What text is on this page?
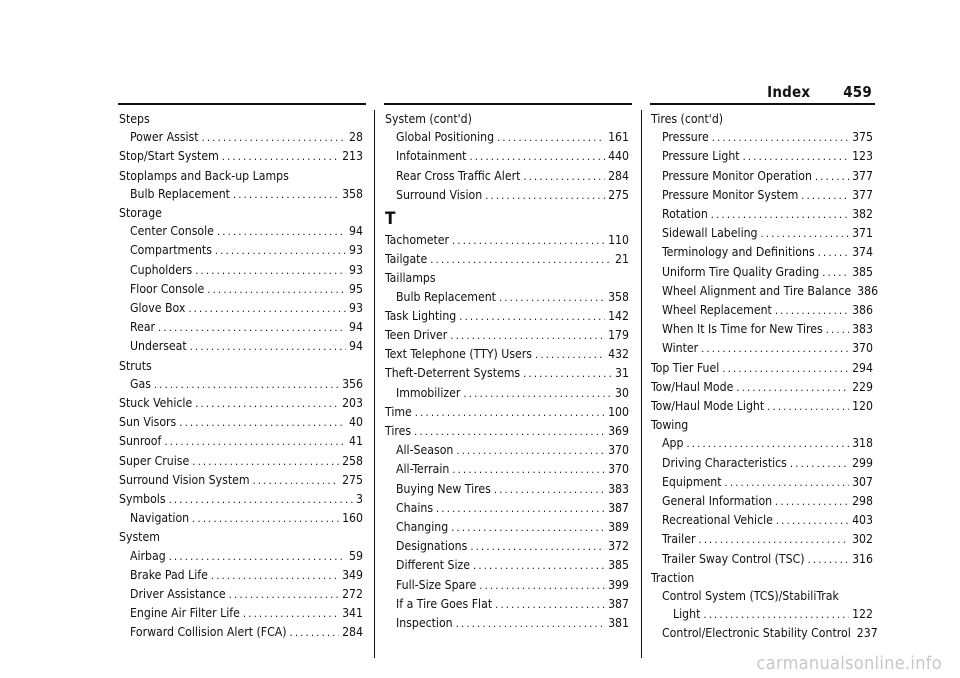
Index 459
Steps
Power Assist .....	28
Stop/Start System .....	213
Stoplamps and Back-up Lamps
Bulb Replacement .....	358
Storage
Center Console .....	94
Compartments .....	93
Cupholders .....	93
Floor Console .....	95
Glove Box .....	93
Rear .....	94
Underseat .....	94
Struts
Gas .....	356
Stuck Vehicle .....	203
Sun Visors .....	40
Sunroof .....	41
Super Cruise .....	258
Surround Vision System .....	275
Symbols .....	3
Navigation .....	160
System
Airbag .....	59
Brake Pad Life .....	349
Driver Assistance .....	272
Engine Air Filter Life .....	341
Forward Collision Alert (FCA) .....	284
System (cont'd)
Global Positioning .....	161
Infotainment .....	440
Rear Cross Traffic Alert .....	284
Surround Vision .....	275
T
Tachometer .....	110
Tailgate .....	21
Taillamps
Bulb Replacement .....	358
Task Lighting .....	142
Teen Driver .....	179
Text Telephone (TTY) Users .....	432
Theft-Deterrent Systems .....	31
Immobilizer .....	30
Time .....	100
Tires .....	369
All-Season .....	370
All-Terrain .....	370
Buying New Tires .....	383
Chains .....	387
Changing .....	389
Designations .....	372
Different Size .....	385
Full-Size Spare .....	399
If a Tire Goes Flat .....	387
Inspection .....	381
Tires (cont'd)
Pressure .....	375
Pressure Light .....	123
Pressure Monitor Operation .....	377
Pressure Monitor System .....	377
Rotation .....	382
Sidewall Labeling .....	371
Terminology and Definitions .....	374
Uniform Tire Quality Grading .....	385
Wheel Alignment and Tire Balance 386
Wheel Replacement .....	386
When It Is Time for New Tires ..... 383
Winter .....	370
Top Tier Fuel .....	294
Tow/Haul Mode .....	229
Tow/Haul Mode Light .....	120
Towing
App .....	318
Driving Characteristics .....	299
Equipment .....	307
General Information .....	298
Recreational Vehicle .....	403
Trailer .....	302
Trailer Sway Control (TSC) .....	316
Traction
Control System (TCS)/StabiliTrak
Light .....	122
Control/Electronic Stability Control 237
carmanualsonline.info
